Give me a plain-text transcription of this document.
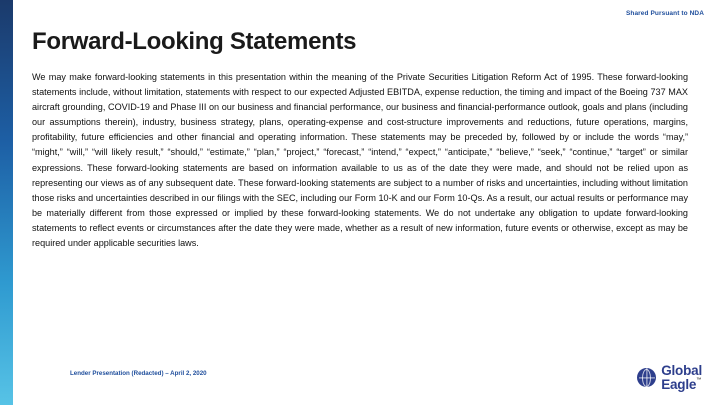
Shared Pursuant to NDA
Forward-Looking Statements
We may make forward-looking statements in this presentation within the meaning of the Private Securities Litigation Reform Act of 1995. These forward-looking statements include, without limitation, statements with respect to our expected Adjusted EBITDA, expense reduction, the timing and impact of the Boeing 737 MAX aircraft grounding, COVID-19 and Phase III on our business and financial performance, our business and financial-performance outlook, goals and plans (including our assumptions therein), industry, business strategy, plans, operating-expense and cost-structure improvements and reductions, future operations, margins, profitability, future efficiencies and other financial and operating information. These statements may be preceded by, followed by or include the words “may,” “might,” “will,” “will likely result,” “should,” “estimate,” “plan,” “project,” “forecast,” “intend,” “expect,” “anticipate,” “believe,” “seek,” “continue,” “target” or similar expressions. These forward-looking statements are based on information available to us as of the date they were made, and should not be relied upon as representing our views as of any subsequent date. These forward-looking statements are subject to a number of risks and uncertainties, including without limitation those risks and uncertainties described in our filings with the SEC, including our Form 10-K and our Form 10-Qs. As a result, our actual results or performance may be materially different from those expressed or implied by these forward-looking statements. We do not undertake any obligation to update forward-looking statements to reflect events or circumstances after the date they were made, whether as a result of new information, future events or otherwise, except as may be required under applicable securities laws.
Lender Presentation (Redacted) – April 2, 2020	Global
Eagle ™
